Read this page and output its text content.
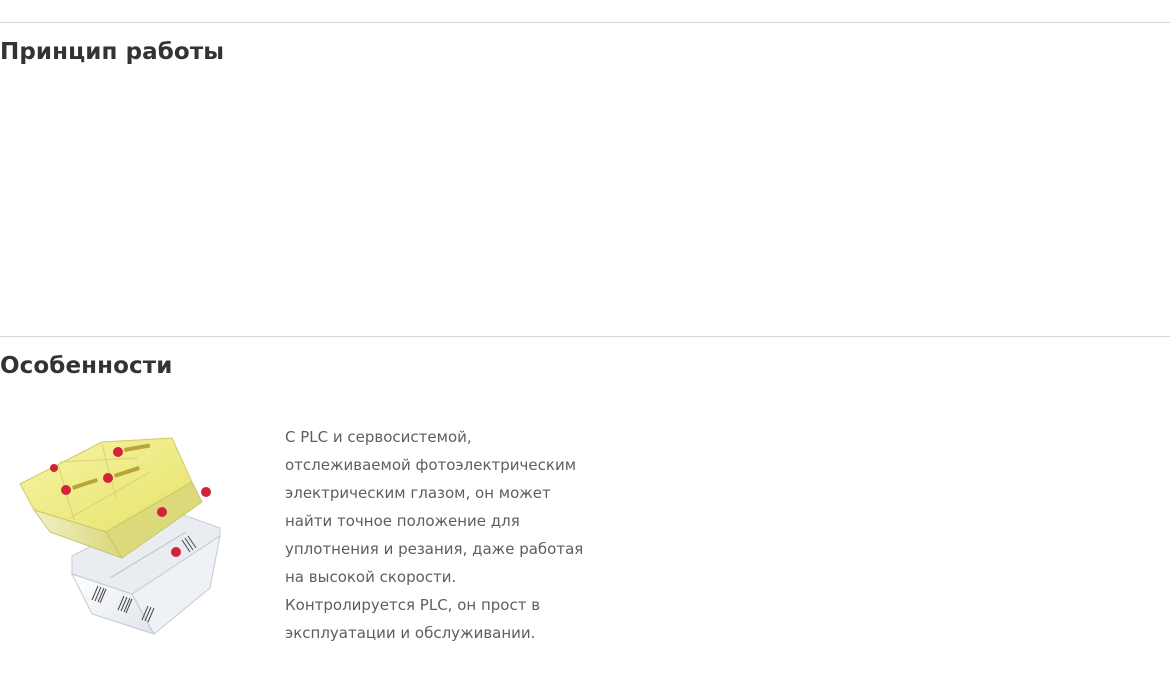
Принцип работы
Особенности

С PLC и сервосистемой,
отслеживаемой фотоэлектрическим
электрическим глазом, он может
найти точное положение для
уплотнения и резания, даже работая
на высокой скорости.

Контролируется PLC, он прост в
эксплуатации и обслуживании.
